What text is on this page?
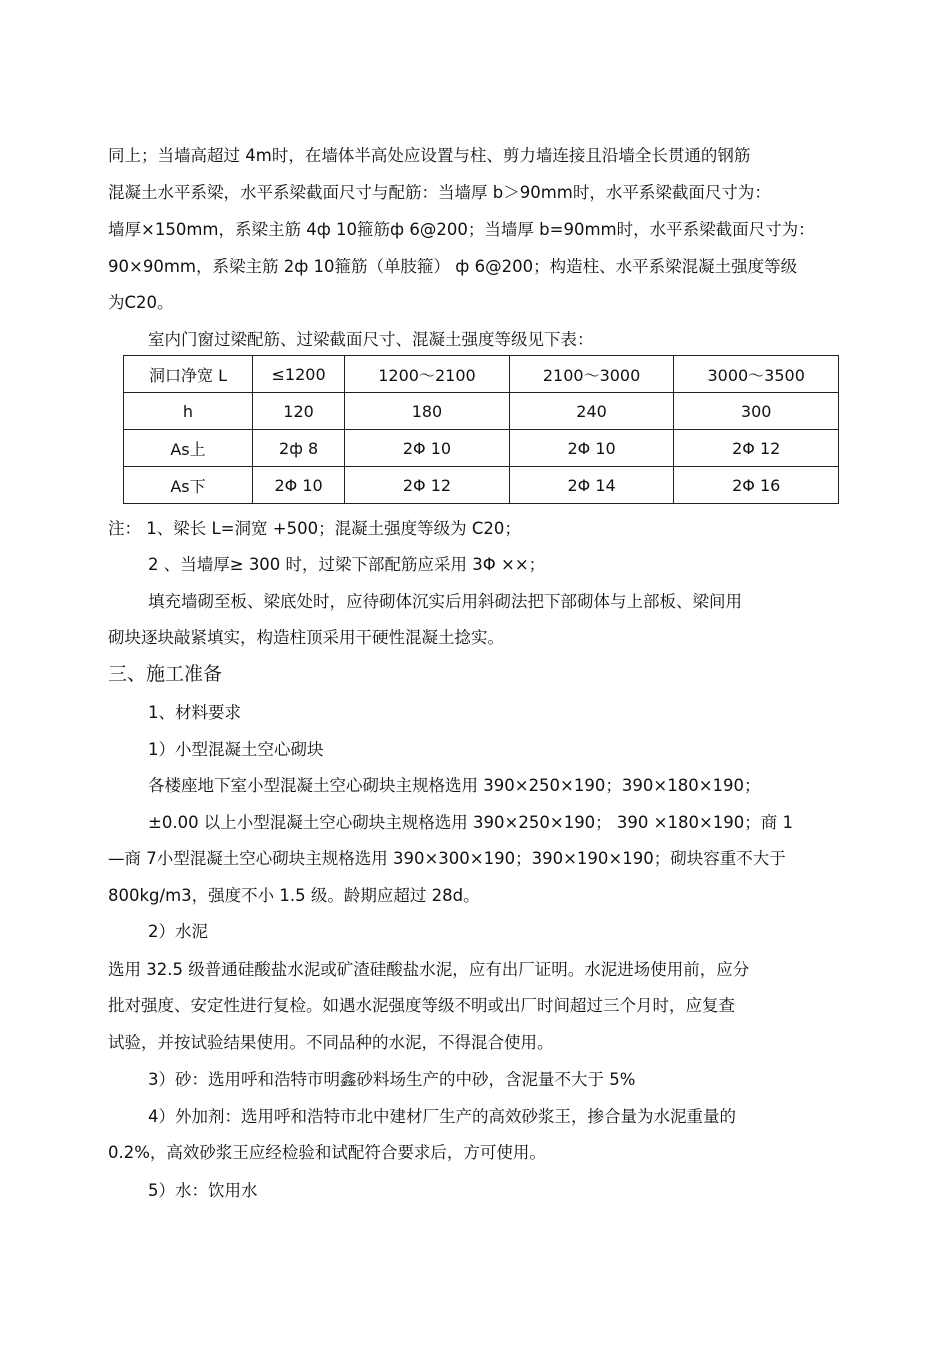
同上；当墙高超过 4m时，在墙体半高处应设置与柱、剪力墙连接且沿墙全长贯通的钢筋
混凝土水平系梁，水平系梁截面尺寸与配筋：当墙厚 b＞90mm时，水平系梁截面尺寸为：
墙厚×150mm，系梁主筋 4ф 10箍筋ф 6@200；当墙厚 b=90mm时，水平系梁截面尺寸为：
90×90mm，系梁主筋 2ф 10箍筋（单肢箍） ф 6@200；构造柱、水平系梁混凝土强度等级
为C20。
室内门窗过梁配筋、过梁截面尺寸、混凝土强度等级见下表：
洞口净宽 L	≤1200	1200～2100	2100～3000	3000～3500
h	120	180	240	300
As上	2ф 8	2Φ 10	2Φ 10	2Φ 12
As下	2Φ 10	2Φ 12	2Φ 14	2Φ 16
注： 1、梁长 L=洞宽 +500；混凝土强度等级为 C20；
2 、当墙厚≥ 300 时，过梁下部配筋应采用 3Φ ××；
填充墙砌至板、梁底处时，应待砌体沉实后用斜砌法把下部砌体与上部板、梁间用
砌块逐块敲紧填实，构造柱顶采用干硬性混凝土捻实。
三、施工准备
1、材料要求
1）小型混凝土空心砌块
各楼座地下室小型混凝土空心砌块主规格选用 390×250×190；390×180×190；
±0.00 以上小型混凝土空心砌块主规格选用 390×250×190； 390 ×180×190；商 1
—商 7小型混凝土空心砌块主规格选用 390×300×190；390×190×190；砌块容重不大于
800kg/m3，强度不小 1.5 级。龄期应超过 28d。
2）水泥
选用 32.5 级普通硅酸盐水泥或矿渣硅酸盐水泥，应有出厂证明。水泥进场使用前，应分
批对强度、安定性进行复检。如遇水泥强度等级不明或出厂时间超过三个月时，应复查
试验，并按试验结果使用。不同品种的水泥，不得混合使用。
3）砂：选用呼和浩特市明鑫砂料场生产的中砂，含泥量不大于 5%
4）外加剂：选用呼和浩特市北中建材厂生产的高效砂浆王，掺合量为水泥重量的
0.2%，高效砂浆王应经检验和试配符合要求后，方可使用。
5）水：饮用水
